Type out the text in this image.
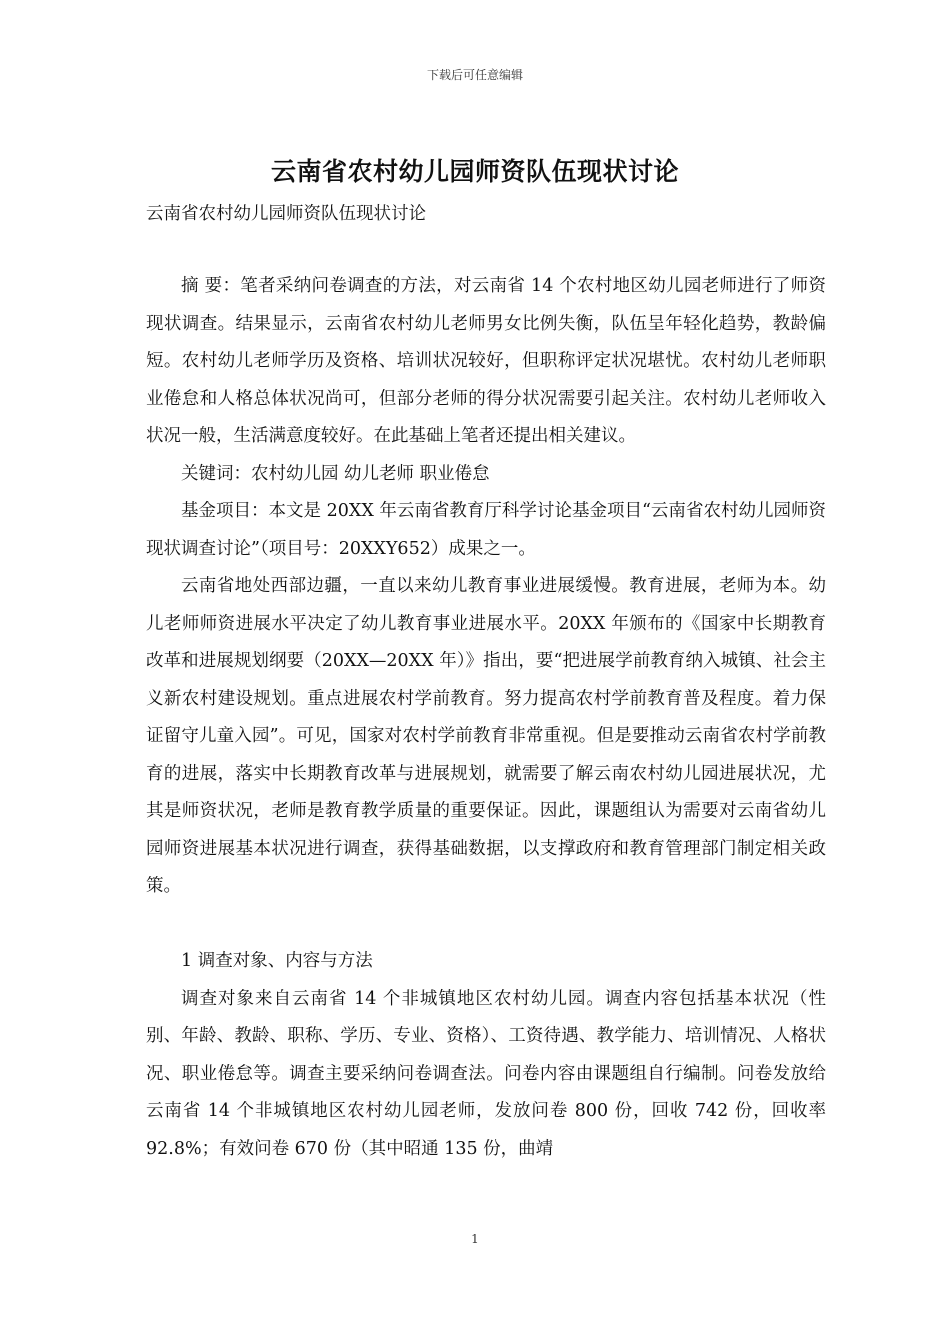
下载后可任意编辑
云南省农村幼儿园师资队伍现状讨论
云南省农村幼儿园师资队伍现状讨论

摘 要：笔者采纳问卷调查的方法，对云南省 14 个农村地区幼儿园老师进行了师资现状调查。结果显示，云南省农村幼儿老师男女比例失衡，队伍呈年轻化趋势，教龄偏短。农村幼儿老师学历及资格、培训状况较好，但职称评定状况堪忧。农村幼儿老师职业倦怠和人格总体状况尚可，但部分老师的得分状况需要引起关注。农村幼儿老师收入状况一般，生活满意度较好。在此基础上笔者还提出相关建议。

关键词：农村幼儿园 幼儿老师 职业倦怠

基金项目：本文是 20XX 年云南省教育厅科学讨论基金项目“云南省农村幼儿园师资现状调查讨论”（项目号：20XXY652）成果之一。

云南省地处西部边疆，一直以来幼儿教育事业进展缓慢。教育进展，老师为本。幼儿老师师资进展水平决定了幼儿教育事业进展水平。20XX 年颁布的《国家中长期教育改革和进展规划纲要（20XX—20XX 年）》指出，要“把进展学前教育纳入城镇、社会主义新农村建设规划。重点进展农村学前教育。努力提高农村学前教育普及程度。着力保证留守儿童入园”。可见，国家对农村学前教育非常重视。但是要推动云南省农村学前教育的进展，落实中长期教育改革与进展规划，就需要了解云南农村幼儿园进展状况，尤其是师资状况，老师是教育教学质量的重要保证。因此，课题组认为需要对云南省幼儿园师资进展基本状况进行调查，获得基础数据，以支撑政府和教育管理部门制定相关政策。

1 调查对象、内容与方法

调查对象来自云南省 14 个非城镇地区农村幼儿园。调查内容包括基本状况（性别、年龄、教龄、职称、学历、专业、资格）、工资待遇、教学能力、培训情况、人格状况、职业倦怠等。调查主要采纳问卷调查法。问卷内容由课题组自行编制。问卷发放给云南省 14 个非城镇地区农村幼儿园老师，发放问卷 800 份，回收 742 份，回收率 92.8%；有效问卷 670 份（其中昭通 135 份，曲靖

1
